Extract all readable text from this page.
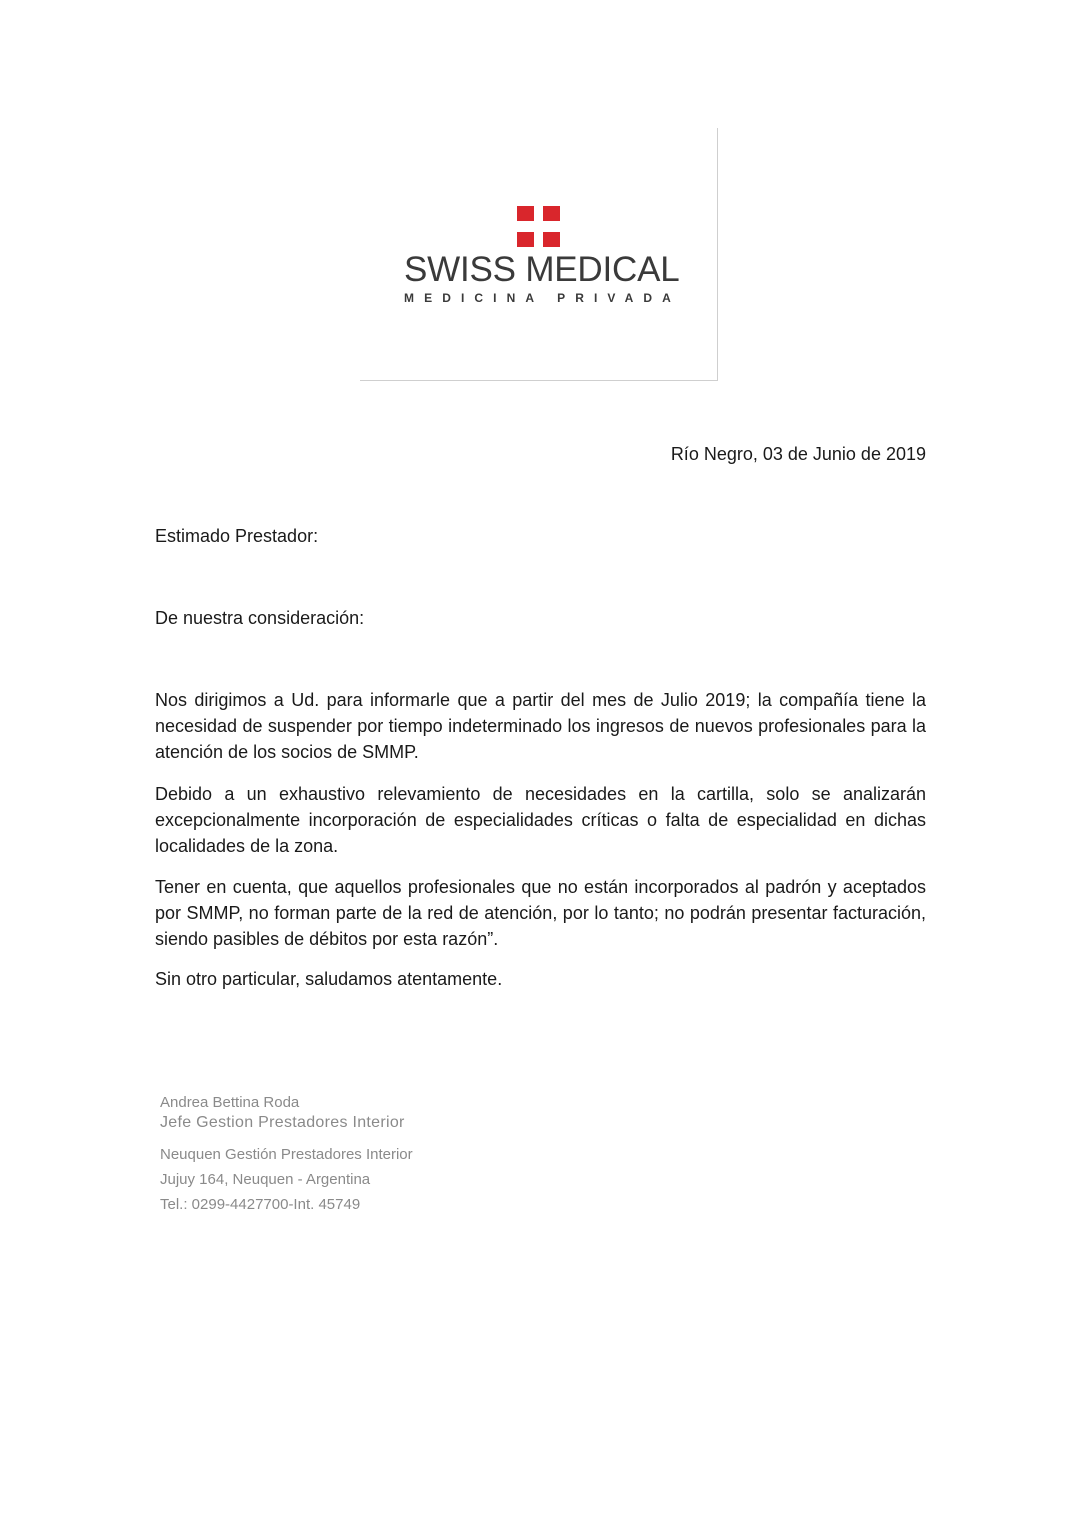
SWISS MEDICAL
MEDICINA PRIVADA
Río Negro, 03 de Junio de 2019
Estimado Prestador:
De nuestra consideración:
Nos dirigimos a Ud. para informarle que a partir del mes de Julio 2019; la compañía tiene la necesidad de suspender por tiempo indeterminado los ingresos de nuevos profesionales para la atención de los socios de SMMP.
Debido a un exhaustivo relevamiento de necesidades en la cartilla, solo se analizarán excepcionalmente incorporación de especialidades críticas o falta de especialidad en dichas localidades de la zona.
Tener en cuenta, que aquellos profesionales que no están incorporados al padrón y aceptados por SMMP, no forman parte de la red de atención, por lo tanto; no podrán presentar facturación, siendo pasibles de débitos por esta razón”.
Sin otro particular, saludamos atentamente.
Andrea Bettina Roda
Jefe Gestion Prestadores Interior
Neuquen Gestión Prestadores Interior
Jujuy 164, Neuquen - Argentina
Tel.: 0299-4427700-Int. 45749
